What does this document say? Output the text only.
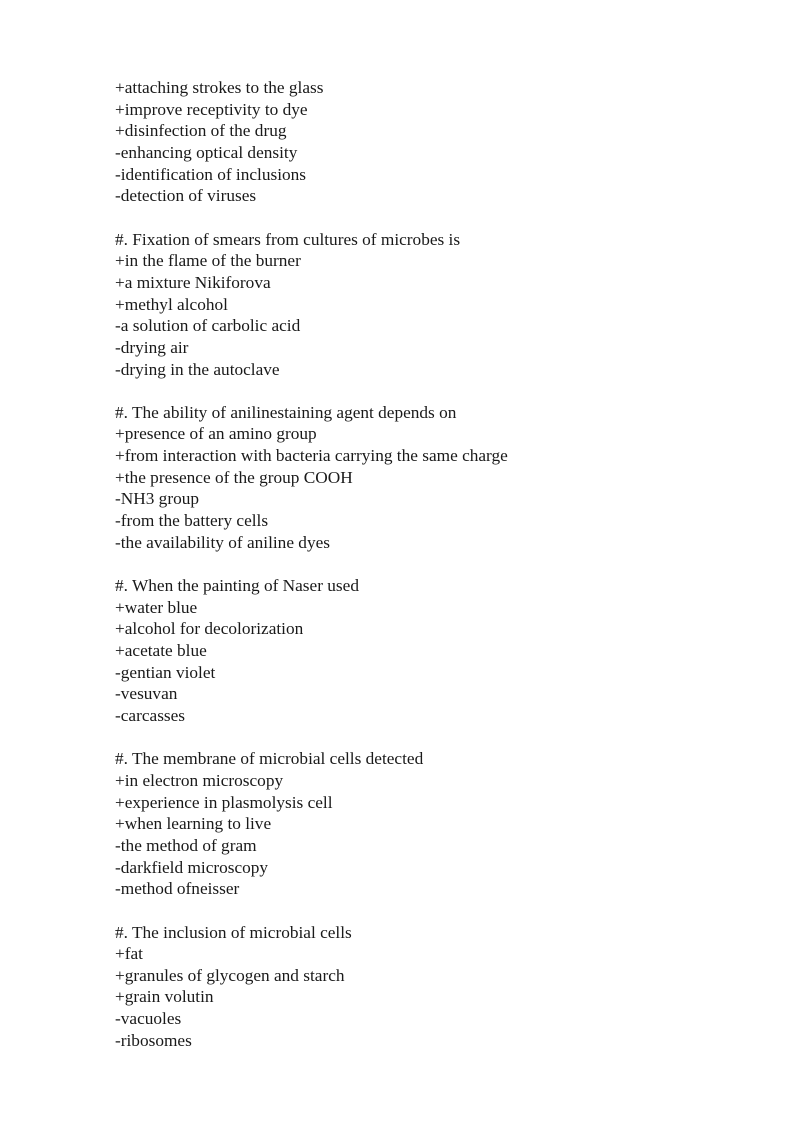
+attaching strokes to the glass
+improve receptivity to dye
+disinfection of the drug
-enhancing optical density
-identification of inclusions
-detection of viruses
#. Fixation of smears from cultures of microbes is
+in the flame of the burner
+a mixture Nikiforova
+methyl alcohol
-a solution of carbolic acid
-drying air
-drying in the autoclave
#. The ability of anilinestaining agent depends on
+presence of an amino group
+from interaction with bacteria carrying the same charge
+the presence of the group COOH
-NH3 group
-from the battery cells
-the availability of aniline dyes
#. When the painting of Naser used
+water blue
+alcohol for decolorization
+acetate blue
-gentian violet
-vesuvan
-carcasses
#. The membrane of microbial cells detected
+in electron microscopy
+experience in plasmolysis cell
+when learning to live
-the method of gram
-darkfield microscopy
-method ofneisser
#. The inclusion of microbial cells
+fat
+granules of glycogen and starch
+grain volutin
-vacuoles
-ribosomes
